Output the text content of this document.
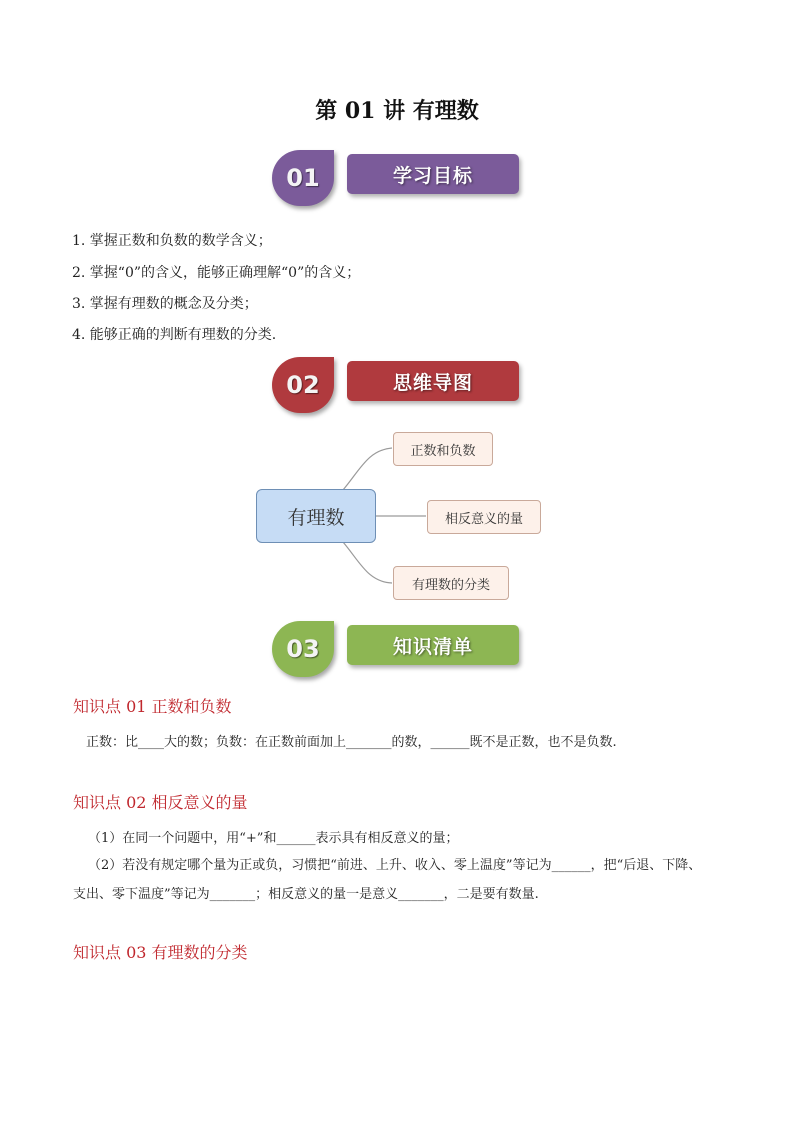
第 01 讲 有理数
01	学习目标
1. 掌握正数和负数的数学含义；
2. 掌握“0”的含义，能够正确理解“0”的含义；
3. 掌握有理数的概念及分类；
4. 能够正确的判断有理数的分类.
02	思维导图
有理数
正数和负数
相反意义的量
有理数的分类
03	知识清单
知识点 01 正数和负数
正数：比____大的数；负数：在正数前面加上_______的数，______既不是正数，也不是负数.
知识点 02 相反意义的量
（1）在同一个问题中，用“+”和______表示具有相反意义的量；
（2）若没有规定哪个量为正或负，习惯把“前进、上升、收入、零上温度”等记为______，把“后退、下降、
支出、零下温度”等记为_______；相反意义的量一是意义_______，二是要有数量.
知识点 03 有理数的分类
